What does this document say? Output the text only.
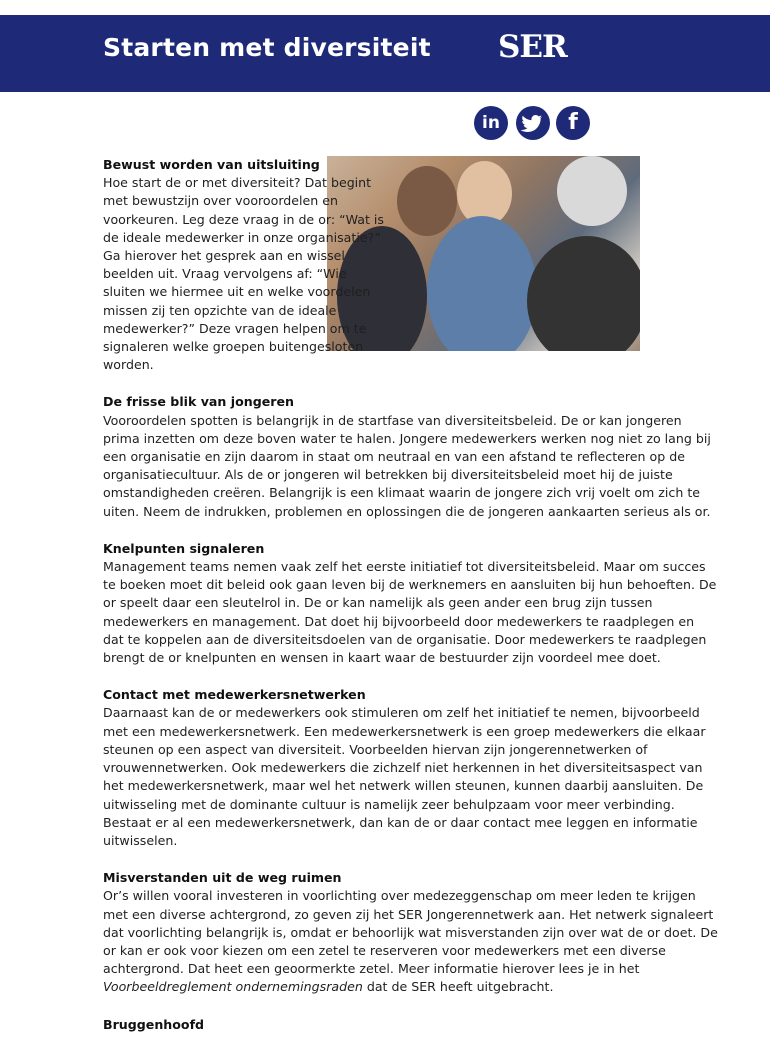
Starten met diversiteit SER
in	f
Bewust worden van uitsluiting

Hoe start de or met diversiteit? Dat begint met bewustzijn over vooroordelen en voorkeuren. Leg deze vraag in de or: “Wat is de ideale medewerker in onze organisatie?” Ga hierover het gesprek aan en wissel beelden uit. Vraag vervolgens af: “Wie sluiten we hiermee uit en welke voordelen missen zij ten opzichte van de ideale medewerker?” Deze vragen helpen om te signaleren welke groepen buitengesloten worden.

De frisse blik van jongeren

Vooroordelen spotten is belangrijk in de startfase van diversiteitsbeleid. De or kan jongeren prima inzetten om deze boven water te halen. Jongere medewerkers werken nog niet zo lang bij een organisatie en zijn daarom in staat om neutraal en van een afstand te reflecteren op de organisatiecultuur. Als de or jongeren wil betrekken bij diversiteitsbeleid moet hij de juiste omstandigheden creëren. Belangrijk is een klimaat waarin de jongere zich vrij voelt om zich te uiten. Neem de indrukken, problemen en oplossingen die de jongeren aankaarten serieus als or.

Knelpunten signaleren

Management teams nemen vaak zelf het eerste initiatief tot diversiteitsbeleid. Maar om succes te boeken moet dit beleid ook gaan leven bij de werknemers en aansluiten bij hun behoeften. De or speelt daar een sleutelrol in. De or kan namelijk als geen ander een brug zijn tussen medewerkers en management. Dat doet hij bijvoorbeeld door medewerkers te raadplegen en dat te koppelen aan de diversiteitsdoelen van de organisatie. Door medewerkers te raadplegen brengt de or knelpunten en wensen in kaart waar de bestuurder zijn voordeel mee doet.

Contact met medewerkersnetwerken

Daarnaast kan de or medewerkers ook stimuleren om zelf het initiatief te nemen, bijvoorbeeld met een medewerkersnetwerk. Een medewerkersnetwerk is een groep medewerkers die elkaar steunen op een aspect van diversiteit. Voorbeelden hiervan zijn jongerennetwerken of vrouwennetwerken. Ook medewerkers die zichzelf niet herkennen in het diversiteitsaspect van het medewerkersnetwerk, maar wel het netwerk willen steunen, kunnen daarbij aansluiten. De uitwisseling met de dominante cultuur is namelijk zeer behulpzaam voor meer verbinding. Bestaat er al een medewerkersnetwerk, dan kan de or daar contact mee leggen en informatie uitwisselen.

Misverstanden uit de weg ruimen

Or’s willen vooral investeren in voorlichting over medezeggenschap om meer leden te krijgen met een diverse achtergrond, zo geven zij het SER Jongerennetwerk aan. Het netwerk signaleert dat voorlichting belangrijk is, omdat er behoorlijk wat misverstanden zijn over wat de or doet. De or kan er ook voor kiezen om een zetel te reserveren voor medewerkers met een diverse achtergrond. Dat heet een geoormerkte zetel. Meer informatie hierover lees je in het Voorbeeldreglement ondernemingsraden dat de SER heeft uitgebracht.

Bruggenhoofd
